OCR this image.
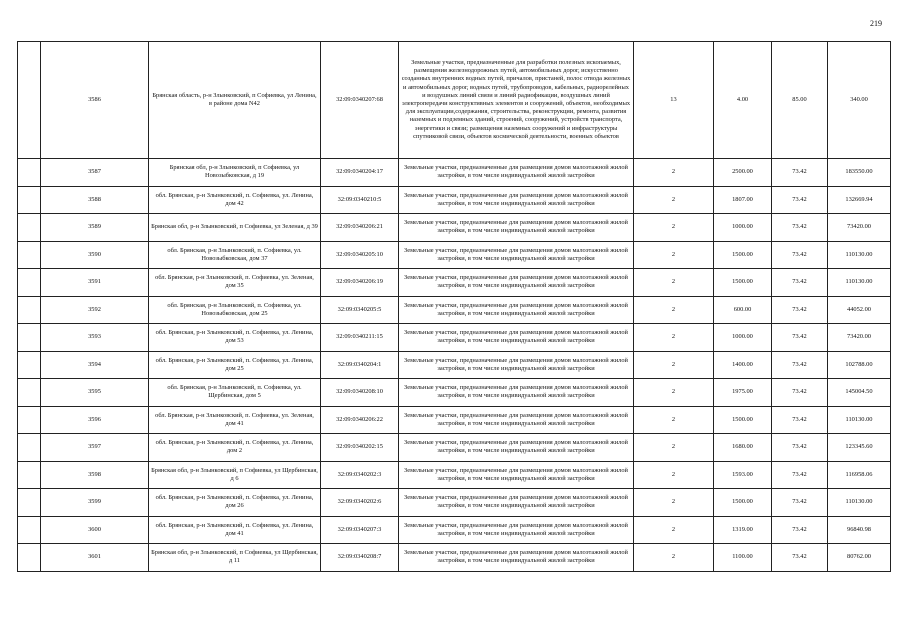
219
	3586	Брянская область, р-н Злынковский, п Софиевка, ул Ленина, в районе дома N42	32:09:0340207:68	Земельные участки, предназначенные для разработки полезных ископаемых, размещения железнодорожных путей, автомобильных дорог, искусственно созданных внутренних водных путей, причалов, пристаней, полос отвода железных и автомобильных дорог, водных путей, трубопроводов, кабельных, радиорелейных и воздушных линий связи и линий радиофикации, воздушных линий электропередачи конструктивных элементов и сооружений, объектов, необходимых для эксплуатации,содержания, строительства, реконструкции, ремонта, развития наземных и подземных зданий, строений, сооружений, устройств транспорта, энергетики и связи; размещения наземных сооружений и инфраструктуры спутниковой связи, объектов космической деятельности, военных объектов	13	4.00	85.00	340.00
	3587	Брянская обл, р-н Злынковский, п Софиевка, ул Новозыбковская, д 19	32:09:0340204:17	Земельные участки, предназначенные для размещения домов малоэтажной жилой застройки, в том числе индивидуальной жилой застройки	2	2500.00	73.42	183550.00
	3588	обл. Брянская, р-н Злынковский, п. Софиевка, ул. Ленина, дом 42	32:09:0340210:5	Земельные участки, предназначенные для размещения домов малоэтажной жилой застройки, в том числе индивидуальной жилой застройки	2	1807.00	73.42	132669.94
	3589	Брянская обл, р-н Злынковский, п Софиевка, ул Зеленая, д 39	32:09:0340206:21	Земельные участки, предназначенные для размещения домов малоэтажной жилой застройки, в том числе индивидуальной жилой застройки	2	1000.00	73.42	73420.00
	3590	обл. Брянская, р-н Злынковский, п. Софиевка, ул. Новозыбковская, дом 37	32:09:0340205:10	Земельные участки, предназначенные для размещения домов малоэтажной жилой застройки, в том числе индивидуальной жилой застройки	2	1500.00	73.42	110130.00
	3591	обл. Брянская, р-н Злынковский, п. Софиевка, ул. Зеленая, дом 35	32:09:0340206:19	Земельные участки, предназначенные для размещения домов малоэтажной жилой застройки, в том числе индивидуальной жилой застройки	2	1500.00	73.42	110130.00
	3592	обл. Брянская, р-н Злынковский, п. Софиевка, ул. Новозыбковская, дом 25	32:09:0340205:5	Земельные участки, предназначенные для размещения домов малоэтажной жилой застройки, в том числе индивидуальной жилой застройки	2	600.00	73.42	44052.00
	3593	обл. Брянская, р-н Злынковский, п. Софиевка, ул. Ленина, дом 53	32:09:0340211:15	Земельные участки, предназначенные для размещения домов малоэтажной жилой застройки, в том числе индивидуальной жилой застройки	2	1000.00	73.42	73420.00
	3594	обл. Брянская, р-н Злынковский, п. Софиевка, ул. Ленина, дом 25	32:09:0340204:1	Земельные участки, предназначенные для размещения домов малоэтажной жилой застройки, в том числе индивидуальной жилой застройки	2	1400.00	73.42	102788.00
	3595	обл. Брянская, р-н Злынковский, п. Софиевка, ул. Щербинская, дом 5	32:09:0340208:10	Земельные участки, предназначенные для размещения домов малоэтажной жилой застройки, в том числе индивидуальной жилой застройки	2	1975.00	73.42	145004.50
	3596	обл. Брянская, р-н Злынковский, п. Софиевка, ул. Зеленая, дом 41	32:09:0340206:22	Земельные участки, предназначенные для размещения домов малоэтажной жилой застройки, в том числе индивидуальной жилой застройки	2	1500.00	73.42	110130.00
	3597	обл. Брянская, р-н Злынковский, п. Софиевка, ул. Ленина, дом 2	32:09:0340202:15	Земельные участки, предназначенные для размещения домов малоэтажной жилой застройки, в том числе индивидуальной жилой застройки	2	1680.00	73.42	123345.60
	3598	Брянская обл, р-н Злынковский, п Софиевка, ул Щербинская, д 6	32:09:0340202:3	Земельные участки, предназначенные для размещения домов малоэтажной жилой застройки, в том числе индивидуальной жилой застройки	2	1593.00	73.42	116958.06
	3599	обл. Брянская, р-н Злынковский, п. Софиевка, ул. Ленина, дом 26	32:09:0340202:6	Земельные участки, предназначенные для размещения домов малоэтажной жилой застройки, в том числе индивидуальной жилой застройки	2	1500.00	73.42	110130.00
	3600	обл. Брянская, р-н Злынковский, п. Софиевка, ул. Ленина, дом 41	32:09:0340207:3	Земельные участки, предназначенные для размещения домов малоэтажной жилой застройки, в том числе индивидуальной жилой застройки	2	1319.00	73.42	96840.98
	3601	Брянская обл, р-н Злынковский, п Софиевка, ул Щербинская, д 11	32:09:0340208:7	Земельные участки, предназначенные для размещения домов малоэтажной жилой застройки, в том числе индивидуальной жилой застройки	2	1100.00	73.42	80762.00
